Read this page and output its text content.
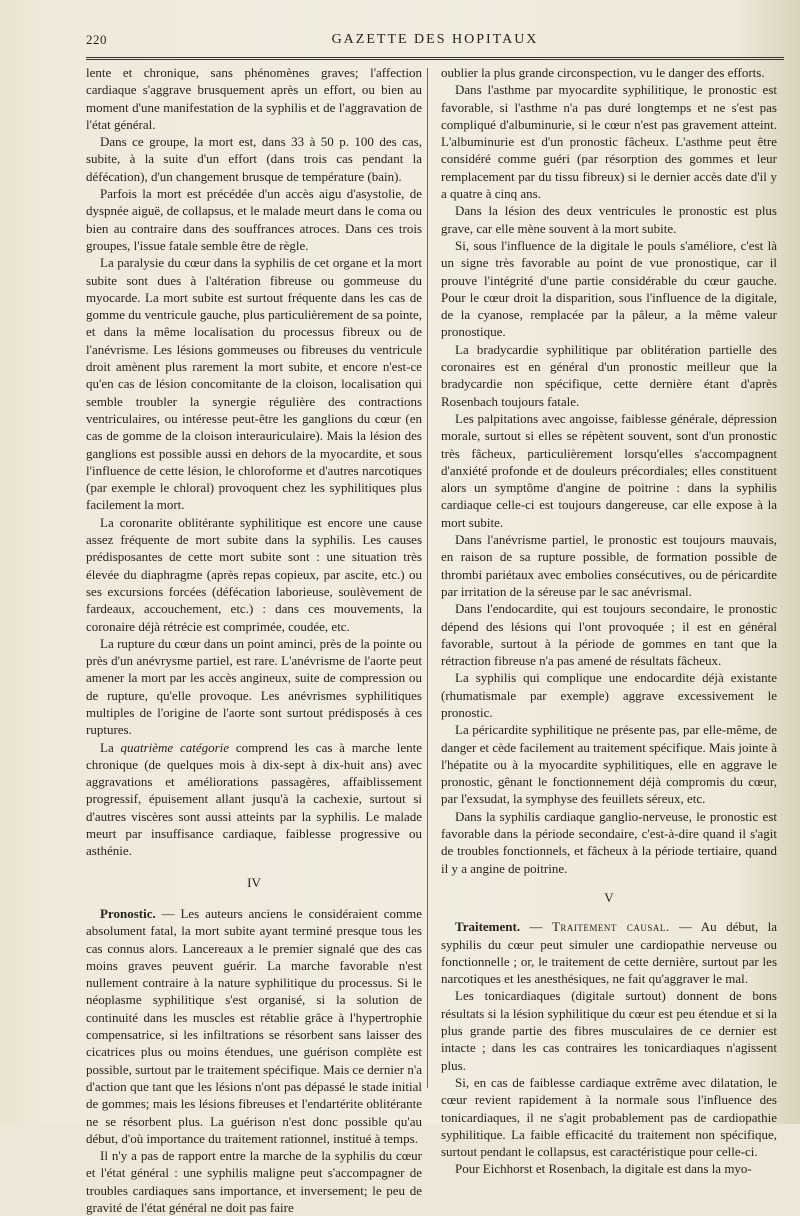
220	GAZETTE DES HOPITAUX

lente et chronique, sans phénomènes graves; l'affection cardiaque s'aggrave brusquement après un effort, ou bien au moment d'une manifestation de la syphilis et de l'aggravation de l'état général.

Dans ce groupe, la mort est, dans 33 à 50 p. 100 des cas, subite, à la suite d'un effort (dans trois cas pendant la défécation), d'un changement brusque de température (bain).

Parfois la mort est précédée d'un accès aigu d'asystolie, de dyspnée aiguë, de collapsus, et le malade meurt dans le coma ou bien au contraire dans des souffrances atroces. Dans ces trois groupes, l'issue fatale semble être de règle.

La paralysie du cœur dans la syphilis de cet organe et la mort subite sont dues à l'altération fibreuse ou gommeuse du myocarde. La mort subite est surtout fréquente dans les cas de gomme du ventricule gauche, plus particulièrement de sa pointe, et dans la même localisation du processus fibreux ou de l'anévrisme. Les lésions gommeuses ou fibreuses du ventricule droit amènent plus rarement la mort subite, et encore n'est-ce qu'en cas de lésion concomitante de la cloison, localisation qui semble troubler la synergie régulière des contractions ventriculaires, ou intéresse peut-être les ganglions du cœur (en cas de gomme de la cloison interauriculaire). Mais la lésion des ganglions est possible aussi en dehors de la myocardite, et sous l'influence de cette lésion, le chloroforme et d'autres narcotiques (par exemple le chloral) provoquent chez les syphilitiques plus facilement la mort.

La coronarite oblitérante syphilitique est encore une cause assez fréquente de mort subite dans la syphilis. Les causes prédisposantes de cette mort subite sont : une situation très élevée du diaphragme (après repas copieux, par ascite, etc.) ou ses excursions forcées (défécation laborieuse, soulèvement de fardeaux, accouchement, etc.) : dans ces mouvements, la coronaire déjà rétrécie est comprimée, coudée, etc.

La rupture du cœur dans un point aminci, près de la pointe ou près d'un anévrysme partiel, est rare. L'anévrisme de l'aorte peut amener la mort par les accès angineux, suite de compression ou de rupture, qu'elle provoque. Les anévrismes syphilitiques multiples de l'origine de l'aorte sont surtout prédisposés à ces ruptures.

La quatrième catégorie comprend les cas à marche lente chronique (de quelques mois à dix-sept à dix-huit ans) avec aggravations et améliorations passagères, affaiblissement progressif, épuisement allant jusqu'à la cachexie, surtout si d'autres viscères sont aussi atteints par la syphilis. Le malade meurt par insuffisance cardiaque, faiblesse progressive ou asthénie.

IV

Pronostic. — Les auteurs anciens le considéraient comme absolument fatal, la mort subite ayant terminé presque tous les cas connus alors. Lancereaux a le premier signalé que des cas moins graves peuvent guérir. La marche favorable n'est nullement contraire à la nature syphilitique du processus. Si le néoplasme syphilitique s'est organisé, si la solution de continuité dans les muscles est rétablie grâce à l'hypertrophie compensatrice, si les infiltrations se résorbent sans laisser des cicatrices plus ou moins étendues, une guérison complète est possible, surtout par le traitement spécifique. Mais ce dernier n'a d'action que tant que les lésions n'ont pas dépassé le stade initial de gommes; mais les lésions fibreuses et l'endartérite oblitérante ne se résorbent plus. La guérison n'est donc possible qu'au début, d'où importance du traitement rationnel, institué à temps.

Il n'y a pas de rapport entre la marche de la syphilis du cœur et l'état général : une syphilis maligne peut s'accompagner de troubles cardiaques sans importance, et inversement; le peu de gravité de l'état général ne doit pas faire

oublier la plus grande circonspection, vu le danger des efforts.

Dans l'asthme par myocardite syphilitique, le pronostic est favorable, si l'asthme n'a pas duré longtemps et ne s'est pas compliqué d'albuminurie, si le cœur n'est pas gravement atteint. L'albuminurie est d'un pronostic fâcheux. L'asthme peut être considéré comme guéri (par résorption des gommes et leur remplacement par du tissu fibreux) si le dernier accès date d'il y a quatre à cinq ans.

Dans la lésion des deux ventricules le pronostic est plus grave, car elle mène souvent à la mort subite.

Si, sous l'influence de la digitale le pouls s'améliore, c'est là un signe très favorable au point de vue pronostique, car il prouve l'intégrité d'une partie considérable du cœur gauche. Pour le cœur droit la disparition, sous l'influence de la digitale, de la cyanose, remplacée par la pâleur, a la même valeur pronostique.

La bradycardie syphilitique par oblitération partielle des coronaires est en général d'un pronostic meilleur que la bradycardie non spécifique, cette dernière étant d'après Rosenbach toujours fatale.

Les palpitations avec angoisse, faiblesse générale, dépression morale, surtout si elles se répètent souvent, sont d'un pronostic très fâcheux, particulièrement lorsqu'elles s'accompagnent d'anxiété profonde et de douleurs précordiales; elles constituent alors un symptôme d'angine de poitrine : dans la syphilis cardiaque celle-ci est toujours dangereuse, car elle expose à la mort subite.

Dans l'anévrisme partiel, le pronostic est toujours mauvais, en raison de sa rupture possible, de formation possible de thrombi pariétaux avec embolies consécutives, ou de péricardite par irritation de la séreuse par le sac anévrismal.

Dans l'endocardite, qui est toujours secondaire, le pronostic dépend des lésions qui l'ont provoquée ; il est en général favorable, surtout à la période de gommes en tant que la rétraction fibreuse n'a pas amené de résultats fâcheux.

La syphilis qui complique une endocardite déjà existante (rhumatismale par exemple) aggrave excessivement le pronostic.

La péricardite syphilitique ne présente pas, par elle-même, de danger et cède facilement au traitement spécifique. Mais jointe à l'hépatite ou à la myocardite syphilitiques, elle en aggrave le pronostic, gênant le fonctionnement déjà compromis du cœur, par l'exsudat, la symphyse des feuillets séreux, etc.

Dans la syphilis cardiaque ganglio-nerveuse, le pronostic est favorable dans la période secondaire, c'est-à-dire quand il s'agit de troubles fonctionnels, et fâcheux à la période tertiaire, quand il y a angine de poitrine.

V

Traitement. — Traitement causal. — Au début, la syphilis du cœur peut simuler une cardiopathie nerveuse ou fonctionnelle ; or, le traitement de cette dernière, surtout par les narcotiques et les anesthésiques, ne fait qu'aggraver le mal.

Les tonicardiaques (digitale surtout) donnent de bons résultats si la lésion syphilitique du cœur est peu étendue et si la plus grande partie des fibres musculaires de ce dernier est intacte ; dans les cas contraires les tonicardiaques n'agissent plus.

Si, en cas de faiblesse cardiaque extrême avec dilatation, le cœur revient rapidement à la normale sous l'influence des tonicardiaques, il ne s'agit probablement pas de cardiopathie syphilitique. La faible efficacité du traitement non spécifique, surtout pendant le collapsus, est caractéristique pour celle-ci.

Pour Eichhorst et Rosenbach, la digitale est dans la myo-
